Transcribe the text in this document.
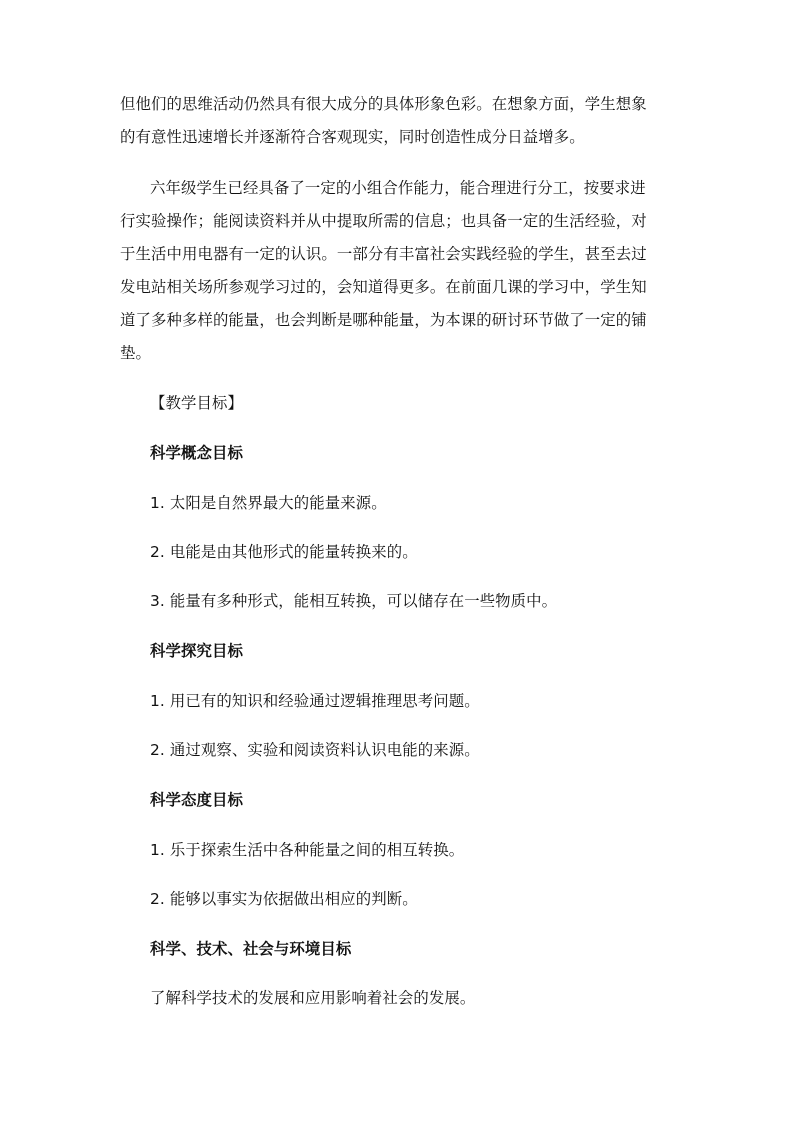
但他们的思维活动仍然具有很大成分的具体形象色彩。在想象方面，学生想象
的有意性迅速增长并逐渐符合客观现实，同时创造性成分日益增多。
六年级学生已经具备了一定的小组合作能力，能合理进行分工，按要求进
行实验操作；能阅读资料并从中提取所需的信息；也具备一定的生活经验，对
于生活中用电器有一定的认识。一部分有丰富社会实践经验的学生，甚至去过
发电站相关场所参观学习过的，会知道得更多。在前面几课的学习中，学生知
道了多种多样的能量，也会判断是哪种能量，为本课的研讨环节做了一定的铺
垫。
【教学目标】
科学概念目标
1. 太阳是自然界最大的能量来源。
2. 电能是由其他形式的能量转换来的。
3. 能量有多种形式，能相互转换，可以储存在一些物质中。
科学探究目标
1. 用已有的知识和经验通过逻辑推理思考问题。
2. 通过观察、实验和阅读资料认识电能的来源。
科学态度目标
1. 乐于探索生活中各种能量之间的相互转换。
2. 能够以事实为依据做出相应的判断。
科学、技术、社会与环境目标
了解科学技术的发展和应用影响着社会的发展。
